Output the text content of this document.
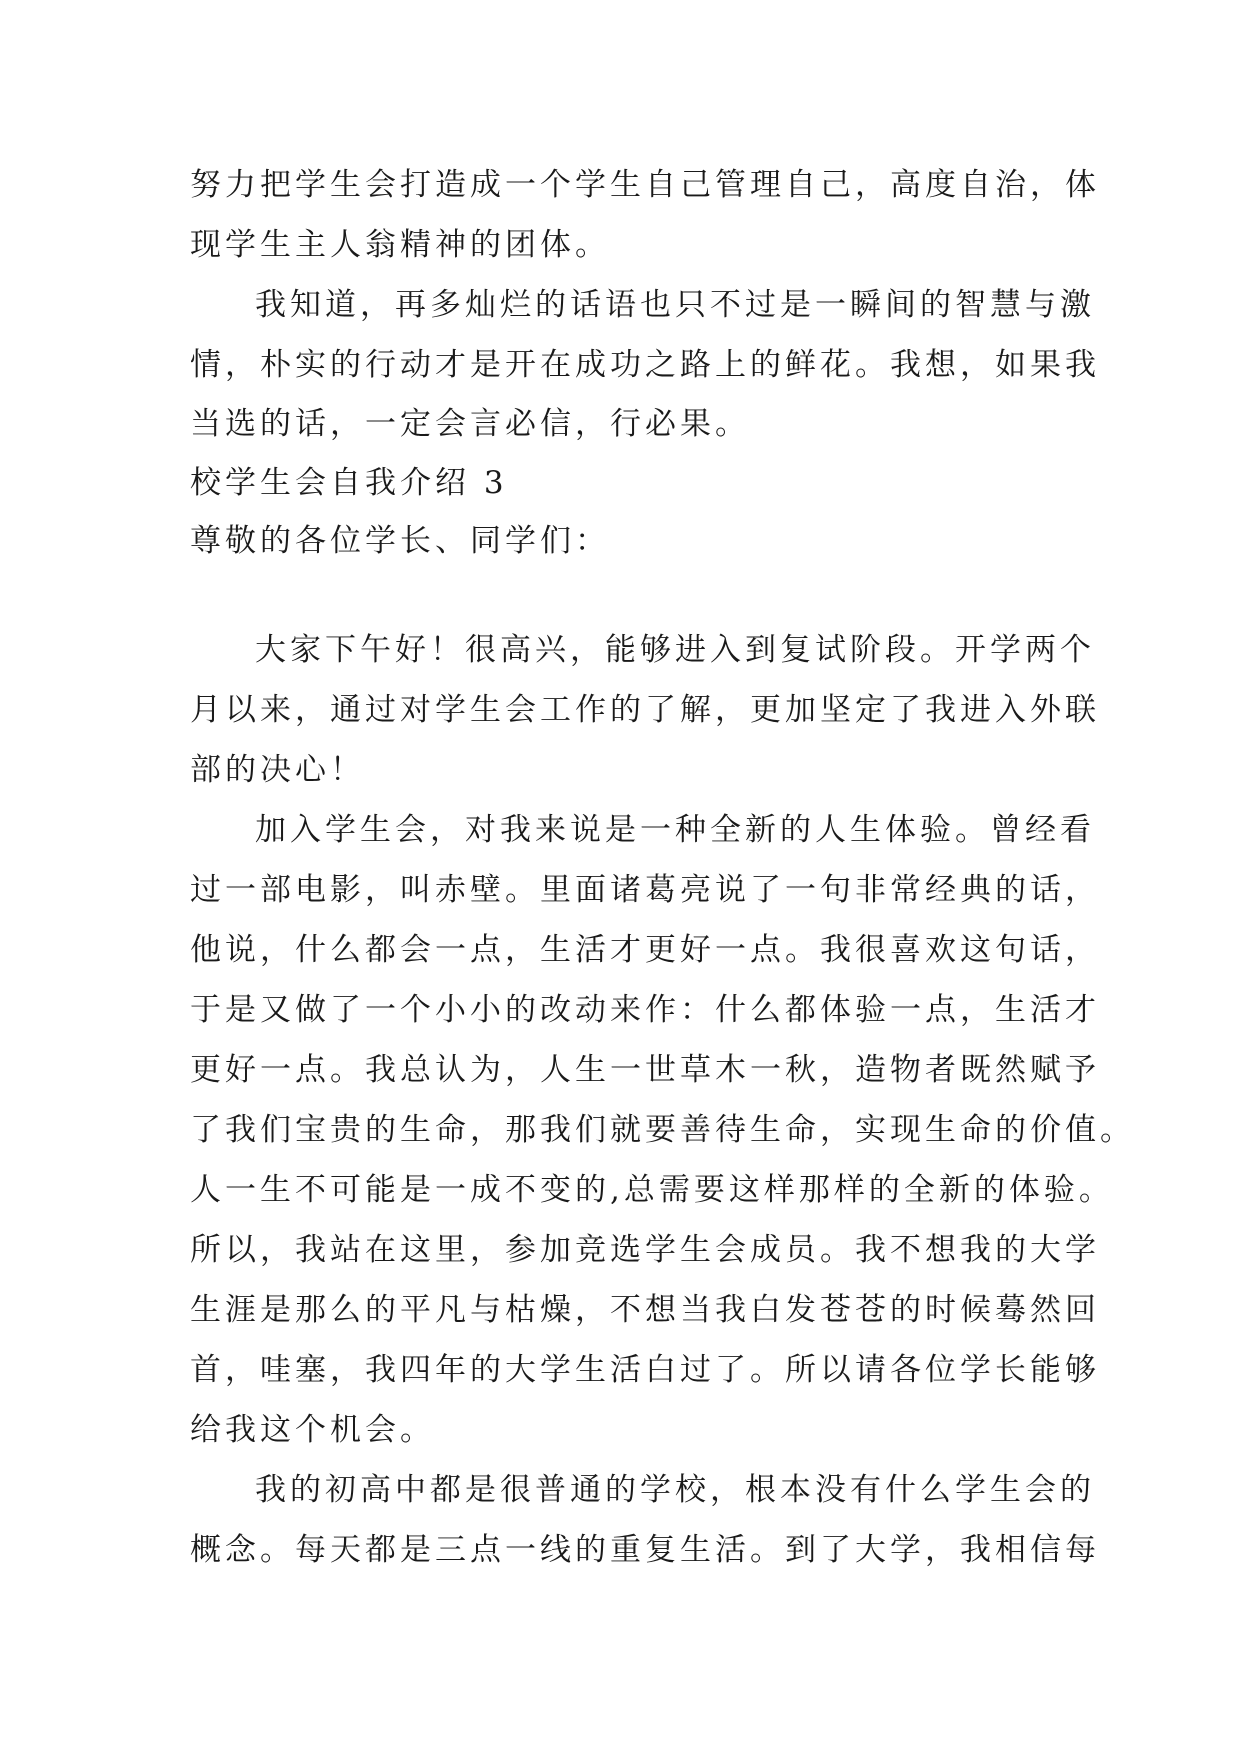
努力把学生会打造成一个学生自己管理自己，高度自治，体
现学生主人翁精神的团体。
我知道，再多灿烂的话语也只不过是一瞬间的智慧与激
情，朴实的行动才是开在成功之路上的鲜花。我想，如果我
当选的话，一定会言必信，行必果。
校学生会自我介绍 3
尊敬的各位学长、同学们：
大家下午好！很高兴，能够进入到复试阶段。开学两个
月以来，通过对学生会工作的了解，更加坚定了我进入外联
部的决心！
加入学生会，对我来说是一种全新的人生体验。曾经看
过一部电影，叫赤壁。里面诸葛亮说了一句非常经典的话，
他说，什么都会一点，生活才更好一点。我很喜欢这句话，
于是又做了一个小小的改动来作：什么都体验一点，生活才
更好一点。我总认为，人生一世草木一秋，造物者既然赋予
了我们宝贵的生命，那我们就要善待生命，实现生命的价值。
人一生不可能是一成不变的,总需要这样那样的全新的体验。
所以，我站在这里，参加竞选学生会成员。我不想我的大学
生涯是那么的平凡与枯燥，不想当我白发苍苍的时候蓦然回
首，哇塞，我四年的大学生活白过了。所以请各位学长能够
给我这个机会。
我的初高中都是很普通的学校，根本没有什么学生会的
概念。每天都是三点一线的重复生活。到了大学，我相信每
